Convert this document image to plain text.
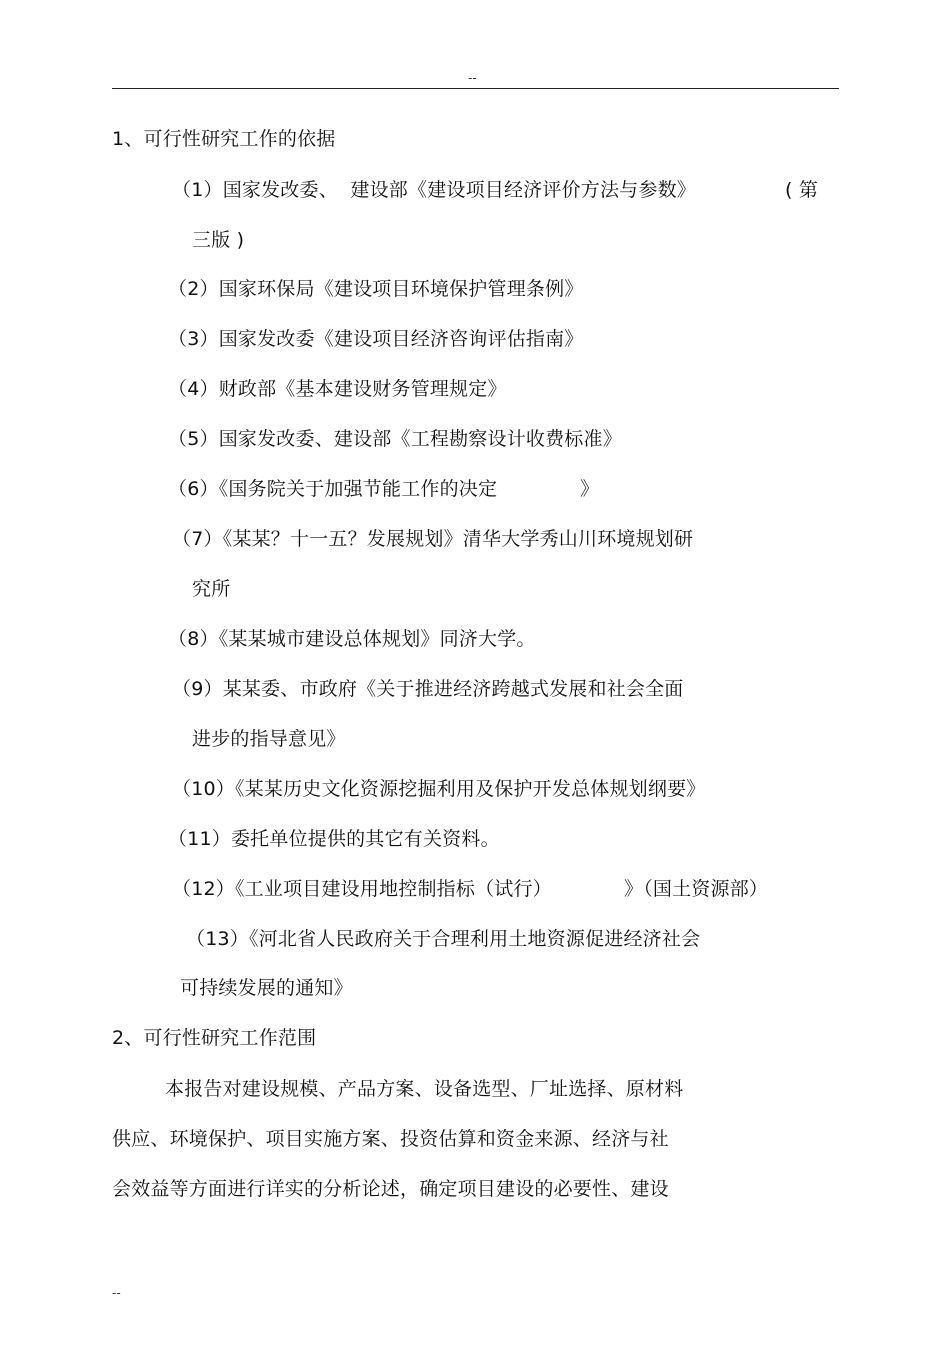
--
1、可行性研究工作的依据
（1）国家发改委、  建设部《建设项目经济评价方法与参数》	( 第
三版 )
（2）国家环保局《建设项目环境保护管理条例》
（3）国家发改委《建设项目经济咨询评估指南》
（4）财政部《基本建设财务管理规定》
（5）国家发改委、建设部《工程勘察设计收费标准》
（6）《国务院关于加强节能工作的决定	》
（7）《某某？十一五？发展规划》清华大学秀山川环境规划研
究所
（8）《某某城市建设总体规划》同济大学。
（9）某某委、市政府《关于推进经济跨越式发展和社会全面
进步的指导意见》
（10）《某某历史文化资源挖掘利用及保护开发总体规划纲要》
（11）委托单位提供的其它有关资料。
（12）《工业项目建设用地控制指标（试行）	》（国土资源部）
（13）《河北省人民政府关于合理利用土地资源促进经济社会
可持续发展的通知》
2、可行性研究工作范围
本报告对建设规模、产品方案、设备选型、厂址选择、原材料
供应、环境保护、项目实施方案、投资估算和资金来源、经济与社
会效益等方面进行详实的分析论述，确定项目建设的必要性、建设
--
